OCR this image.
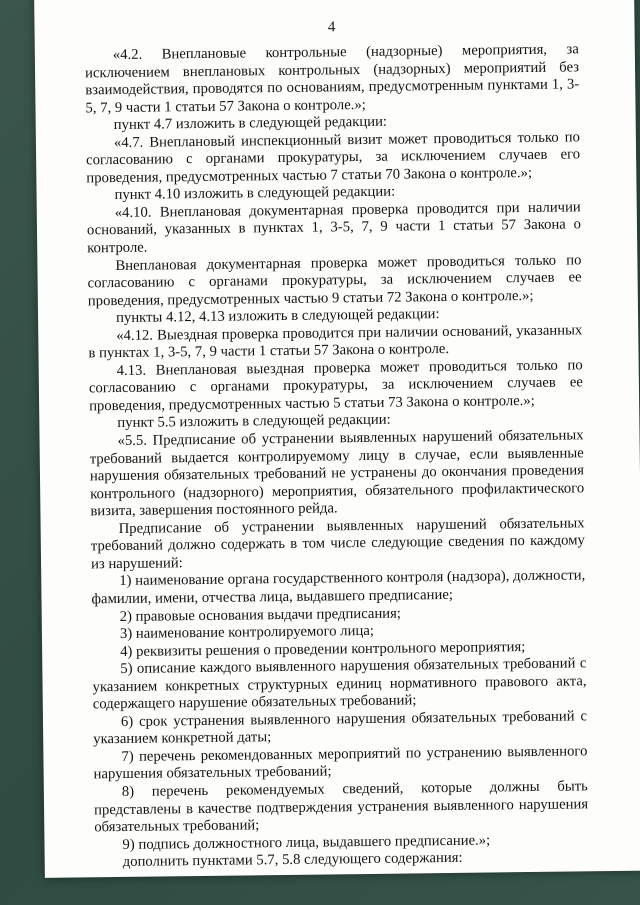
4

«4.2. Внеплановые контрольные (надзорные) мероприятия, за исключением внеплановых контрольных (надзорных) мероприятий без взаимодействия, проводятся по основаниям, предусмотренным пунктами 1, 3-5, 7, 9 части 1 статьи 57 Закона о контроле.»;

пункт 4.7 изложить в следующей редакции:

«4.7. Внеплановый инспекционный визит может проводиться только по согласованию с органами прокуратуры, за исключением случаев его проведения, предусмотренных частью 7 статьи 70 Закона о контроле.»;

пункт 4.10 изложить в следующей редакции:

«4.10. Внеплановая документарная проверка проводится при наличии оснований, указанных в пунктах 1, 3-5, 7, 9 части 1 статьи 57 Закона о контроле.

Внеплановая документарная проверка может проводиться только по согласованию с органами прокуратуры, за исключением случаев ее проведения, предусмотренных частью 9 статьи 72 Закона о контроле.»;

пункты 4.12, 4.13 изложить в следующей редакции:

«4.12. Выездная проверка проводится при наличии оснований, указанных в пунктах 1, 3-5, 7, 9 части 1 статьи 57 Закона о контроле.

4.13. Внеплановая выездная проверка может проводиться только по согласованию с органами прокуратуры, за исключением случаев ее проведения, предусмотренных частью 5 статьи 73 Закона о контроле.»;

пункт 5.5 изложить в следующей редакции:

«5.5. Предписание об устранении выявленных нарушений обязательных требований выдается контролируемому лицу в случае, если выявленные нарушения обязательных требований не устранены до окончания проведения контрольного (надзорного) мероприятия, обязательного профилактического визита, завершения постоянного рейда.

Предписание об устранении выявленных нарушений обязательных требований должно содержать в том числе следующие сведения по каждому из нарушений:

1) наименование органа государственного контроля (надзора), должности, фамилии, имени, отчества лица, выдавшего предписание;

2) правовые основания выдачи предписания;

3) наименование контролируемого лица;

4) реквизиты решения о проведении контрольного мероприятия;

5) описание каждого выявленного нарушения обязательных требований с указанием конкретных структурных единиц нормативного правового акта, содержащего нарушение обязательных требований;

6) срок устранения выявленного нарушения обязательных требований с указанием конкретной даты;

7) перечень рекомендованных мероприятий по устранению выявленного нарушения обязательных требований;

8) перечень рекомендуемых сведений, которые должны быть представлены в качестве подтверждения устранения выявленного нарушения обязательных требований;

9) подпись должностного лица, выдавшего предписание.»;

дополнить пунктами 5.7, 5.8 следующего содержания:
